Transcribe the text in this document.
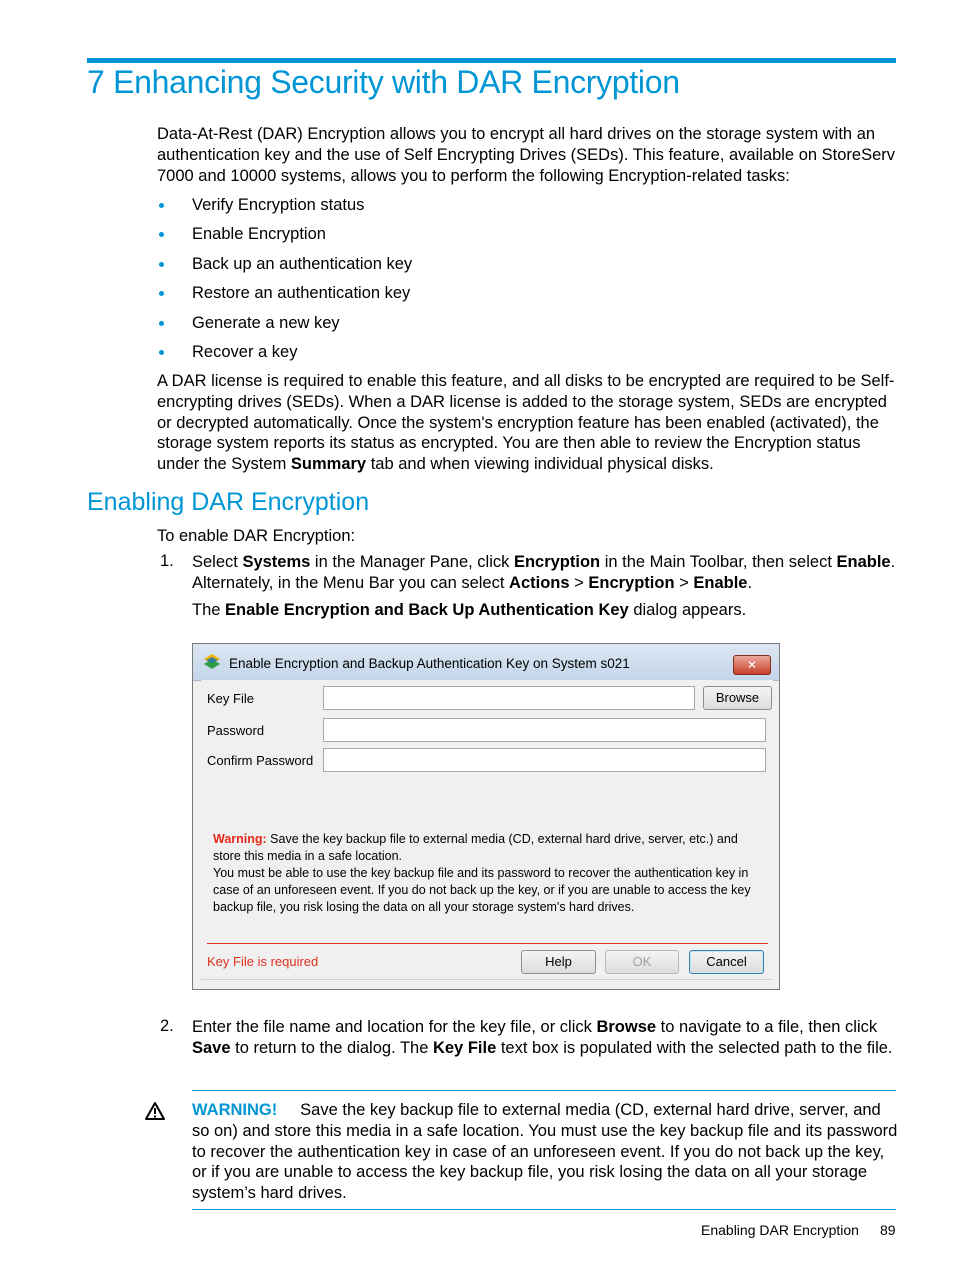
7 Enhancing Security with DAR Encryption

Data-At-Rest (DAR) Encryption allows you to encrypt all hard drives on the storage system with an authentication key and the use of Self Encrypting Drives (SEDs). This feature, available on StoreServ 7000 and 10000 systems, allows you to perform the following Encryption-related tasks:

Verify Encryption status
Enable Encryption
Back up an authentication key
Restore an authentication key
Generate a new key
Recover a key

A DAR license is required to enable this feature, and all disks to be encrypted are required to be Self-encrypting drives (SEDs). When a DAR license is added to the storage system, SEDs are encrypted or decrypted automatically. Once the system's encryption feature has been enabled (activated), the storage system reports its status as encrypted. You are then able to review the Encryption status under the System Summary tab and when viewing individual physical disks.

Enabling DAR Encryption

To enable DAR Encryption:

1. Select Systems in the Manager Pane, click Encryption in the Main Toolbar, then select Enable. Alternately, in the Menu Bar you can select Actions > Encryption > Enable.

The Enable Encryption and Back Up Authentication Key dialog appears.

Enable Encryption and Backup Authentication Key on System s021	✕
Key File	Browse
Password
Confirm Password

Warning: Save the key backup file to external media (CD, external hard drive, server, etc.) and store this media in a safe location.
You must be able to use the key backup file and its password to recover the authentication key in case of an unforeseen event. If you do not back up the key, or if you are unable to access the key backup file, you risk losing the data on all your storage system's hard drives.

Key File is required	Help	OK	Cancel
2. Enter the file name and location for the key file, or click Browse to navigate to a file, then click Save to return to the dialog. The Key File text box is populated with the selected path to the file.

WARNING! Save the key backup file to external media (CD, external hard drive, server, and so on) and store this media in a safe location. You must use the key backup file and its password to recover the authentication key in case of an unforeseen event. If you do not back up the key, or if you are unable to access the key backup file, you risk losing the data on all your storage system’s hard drives.

Enabling DAR Encryption 89
